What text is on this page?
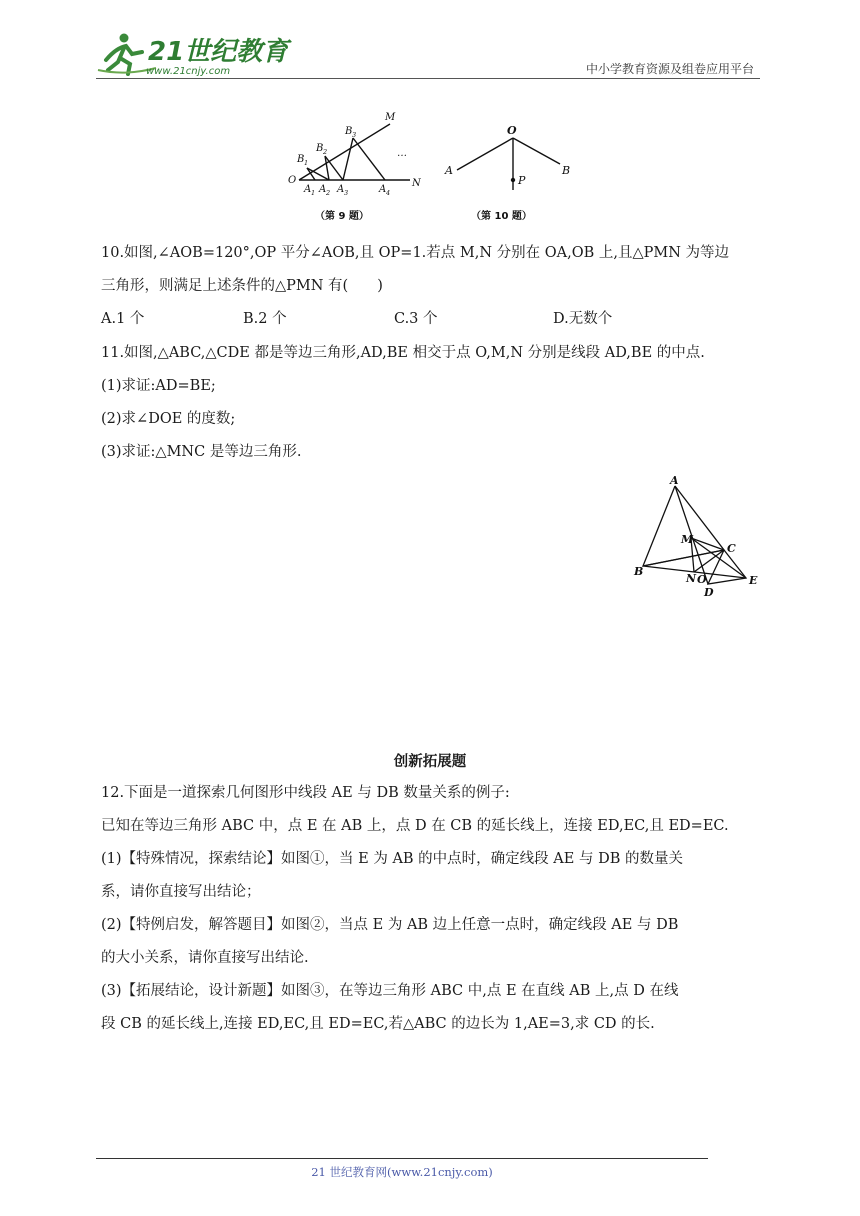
21世纪教育
www.21cnjy.com	中小学教育资源及组卷应用平台
M
N
O
B
B
B
A A A	A
…
1
2
3
1 2 3	4
（第 9 题）
O
A	B
P
（第 10 题）
10.如图,∠AOB=120°,OP 平分∠AOB,且 OP=1.若点 M,N 分别在 OA,OB 上,且△PMN 为等边
三角形，则满足上述条件的△PMN 有(　　)
A.1 个	B.2 个	C.3 个	D.无数个
11.如图,△ABC,△CDE 都是等边三角形,AD,BE 相交于点 O,M,N 分别是线段 AD,BE 的中点.
(1)求证:AD=BE;
(2)求∠DOE 的度数;
(3)求证:△MNC 是等边三角形.
A
B
C
D
E
M
N O
创新拓展题
12.下面是一道探索几何图形中线段 AE 与 DB 数量关系的例子:
已知在等边三角形 ABC 中，点 E 在 AB 上，点 D 在 CB 的延长线上，连接 ED,EC,且 ED=EC.
(1)【特殊情况，探索结论】如图①，当 E 为 AB 的中点时，确定线段 AE 与 DB 的数量关
系，请你直接写出结论；
(2)【特例启发，解答题目】如图②，当点 E 为 AB 边上任意一点时，确定线段 AE 与 DB
的大小关系，请你直接写出结论.
(3)【拓展结论，设计新题】如图③，在等边三角形 ABC 中,点 E 在直线 AB 上,点 D 在线
段 CB 的延长线上,连接 ED,EC,且 ED=EC,若△ABC 的边长为 1,AE=3,求 CD 的长.
21 世纪教育网(www.21cnjy.com)
